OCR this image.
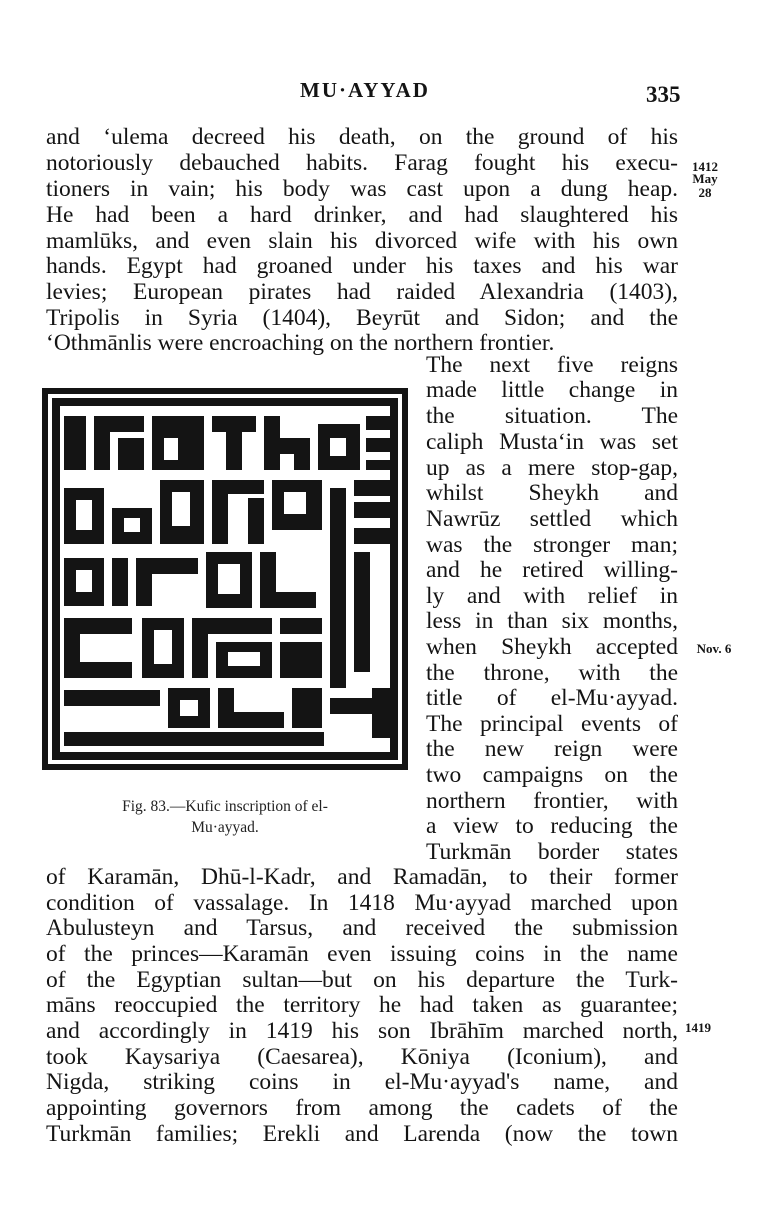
MU·AYYAD	335
and ‘ulema decreed his death, on the ground of his
notoriously debauched habits. Farag fought his execu-
tioners in vain; his body was cast upon a dung heap.
He had been a hard drinker, and had slaughtered his
mamlūks, and even slain his divorced wife with his own
hands. Egypt had groaned under his taxes and his war
levies; European pirates had raided Alexandria (1403),
Tripolis in Syria (1404), Beyrūt and Sidon; and the
‘Othmānlis were encroaching on the northern frontier.
1412
May
28
Nov. 6
1419
The next five reigns
made little change in
the situation. The
caliph Musta‘in was set
up as a mere stop-gap,
whilst Sheykh and
Nawrūz settled which
was the stronger man;
and he retired willing-
ly and with relief in
less in than six months,
when Sheykh accepted
the throne, with the
title of el-Mu·ayyad.
The principal events of
the new reign were
two campaigns on the
northern frontier, with
a view to reducing the
Turkmān border states
Fig. 83.—Kufic inscription of el-
Mu·ayyad.
of Karamān, Dhū-l-Kadr, and Ramadān, to their former
condition of vassalage. In 1418 Mu·ayyad marched upon
Abulusteyn and Tarsus, and received the submission
of the princes—Karamān even issuing coins in the name
of the Egyptian sultan—but on his departure the Turk-
māns reoccupied the territory he had taken as guarantee;
and accordingly in 1419 his son Ibrāhīm marched north,
took Kaysariya (Caesarea), Kōniya (Iconium), and
Nigda, striking coins in el-Mu·ayyad's name, and
appointing governors from among the cadets of the
Turkmān families; Erekli and Larenda (now the town
